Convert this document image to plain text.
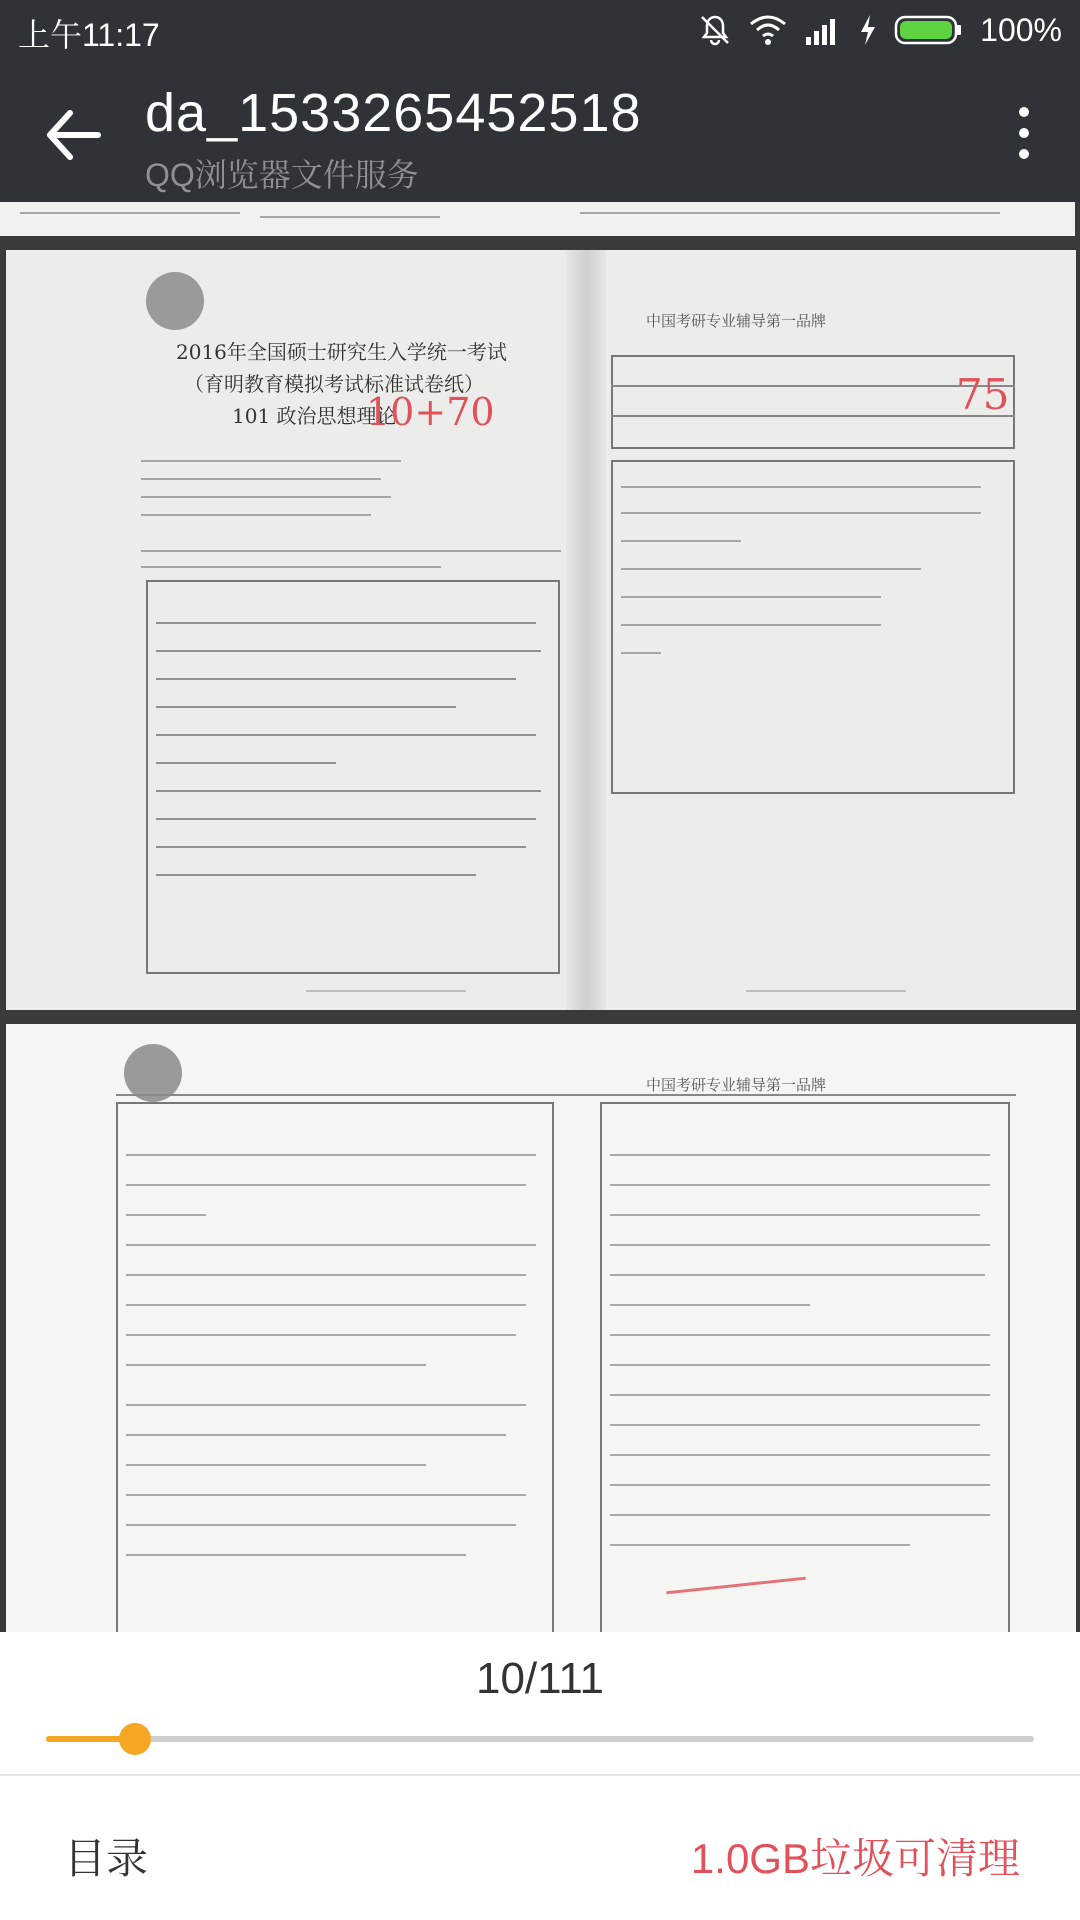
上午11:17	100%
da_1533265452518
QQ浏览器文件服务
2016年全国硕士研究生入学统一考试
（育明教育模拟考试标准试卷纸）
101 政治思想理论
10+70
中国考研专业辅导第一品牌
75
中国考研专业辅导第一品牌
10/111
目录	1.0GB垃圾可清理
